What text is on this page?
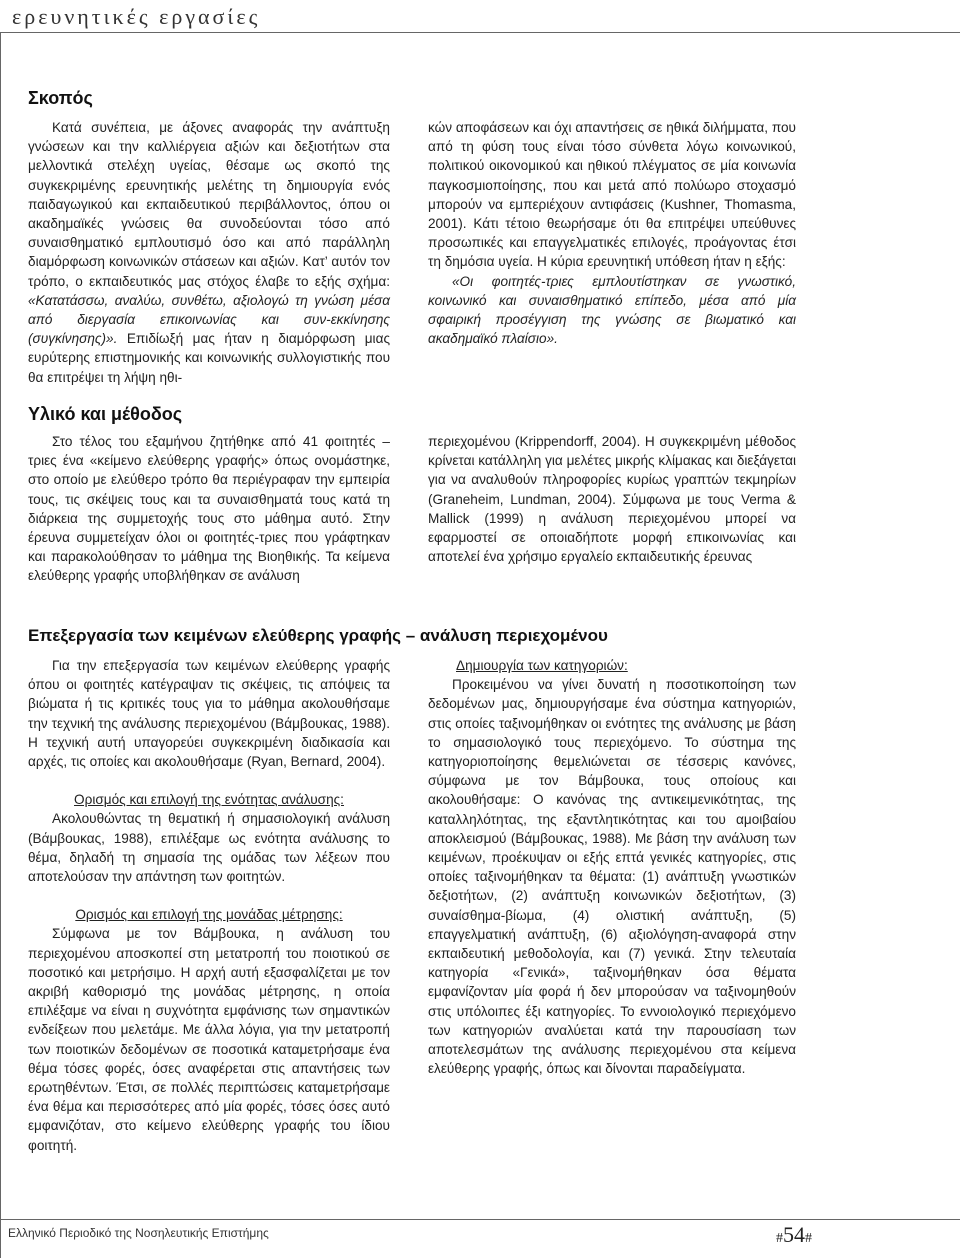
ερευνητικές εργασίες
Σκοπός

Κατά συνέπεια, με άξονες αναφοράς την ανάπτυξη γνώσεων και την καλλιέργεια αξιών και δεξιοτήτων στα μελλοντικά στελέχη υγείας, θέσαμε ως σκοπό της συγκεκριμένης ερευνητικής μελέτης τη δημιουργία ενός παιδαγωγικού και εκπαιδευτικού περιβάλλοντος, όπου οι ακαδημαϊκές γνώσεις θα συνοδεύονται τόσο από συναισθηματικό εμπλουτισμό όσο και από παράλληλη διαμόρφωση κοινωνικών στάσεων και αξιών. Κατ’ αυτόν τον τρόπο, ο εκπαιδευτικός μας στόχος έλαβε το εξής σχήμα: «Κατατάσσω, αναλύω, συνθέτω, αξιολογώ τη γνώση μέσα από διεργασία επικοινωνίας και συν-εκκίνησης (συγκίνησης)». Επιδίωξή μας ήταν η διαμόρφωση μιας ευρύτερης επιστημονικής και κοινωνικής συλλογιστικής που θα επιτρέψει τη λήψη ηθι-

κών αποφάσεων και όχι απαντήσεις σε ηθικά διλήμματα, που από τη φύση τους είναι τόσο σύνθετα λόγω κοινωνικού, πολιτικού οικονομικού και ηθικού πλέγματος σε μία κοινωνία παγκοσμιοποίησης, που και μετά από πολύωρο στοχασμό μπορούν να εμπεριέχουν αντιφάσεις (Kushner, Thomasma, 2001). Κάτι τέτοιο θεωρήσαμε ότι θα επιτρέψει υπεύθυνες προσωπικές και επαγγελματικές επιλογές, προάγοντας έτσι τη δημόσια υγεία. Η κύρια ερευνητική υπόθεση ήταν η εξής:

«Οι φοιτητές-τριες εμπλουτίστηκαν σε γνωστικό, κοινωνικό και συναισθηματικό επίπεδο, μέσα από μία σφαιρική προσέγγιση της γνώσης σε βιωματικό και ακαδημαϊκό πλαίσιο».

Υλικό και μέθοδος

Στο τέλος του εξαμήνου ζητήθηκε από 41 φοιτητές –τριες ένα «κείμενο ελεύθερης γραφής» όπως ονομάστηκε, στο οποίο με ελεύθερο τρόπο θα περιέγραφαν την εμπειρία τους, τις σκέψεις τους και τα συναισθηματά τους κατά τη διάρκεια της συμμετοχής τους στο μάθημα αυτό. Στην έρευνα συμμετείχαν όλοι οι φοιτητές-τριες που γράφτηκαν και παρακολούθησαν το μάθημα της Βιοηθικής. Τα κείμενα ελεύθερης γραφής υποβλήθηκαν σε ανάλυση

περιεχομένου (Krippendorff, 2004). Η συγκεκριμένη μέθοδος κρίνεται κατάλληλη για μελέτες μικρής κλίμακας και διεξάγεται για να αναλυθούν πληροφορίες κυρίως γραπτών τεκμηρίων (Graneheim, Lundman, 2004). Σύμφωνα με τους Verma & Mallick (1999) η ανάλυση περιεχομένου μπορεί να εφαρμοστεί σε οποιαδήποτε μορφή επικοινωνίας και αποτελεί ένα χρήσιμο εργαλείο εκπαιδευτικής έρευνας

Επεξεργασία των κειμένων ελεύθερης γραφής – ανάλυση περιεχομένου

Για την επεξεργασία των κειμένων ελεύθερης γραφής όπου οι φοιτητές κατέγραψαν τις σκέψεις, τις απόψεις τα βιώματα ή τις κριτικές τους για το μάθημα ακολουθήσαμε την τεχνική της ανάλυσης περιεχομένου (Βάμβουκας, 1988). Η τεχνική αυτή υπαγορεύει συγκεκριμένη διαδικασία και αρχές, τις οποίες και ακολουθήσαμε (Ryan, Bernard, 2004).

Ορισμός και επιλογή της ενότητας ανάλυσης:

Ακολουθώντας τη θεματική ή σημασιολογική ανάλυση (Βάμβουκας, 1988), επιλέξαμε ως ενότητα ανάλυσης το θέμα, δηλαδή τη σημασία της ομάδας των λέξεων που αποτελούσαν την απάντηση των φοιτητών.

Ορισμός και επιλογή της μονάδας μέτρησης:

Σύμφωνα με τον Βάμβουκα, η ανάλυση του περιεχομένου αποσκοπεί στη μετατροπή του ποιοτικού σε ποσοτικό και μετρήσιμο. Η αρχή αυτή εξασφαλίζεται με τον ακριβή καθορισμό της μονάδας μέτρησης, η οποία επιλέξαμε να είναι η συχνότητα εμφάνισης των σημαντικών ενδείξεων που μελετάμε. Με άλλα λόγια, για την μετατροπή των ποιοτικών δεδομένων σε ποσοτικά καταμετρήσαμε ένα θέμα τόσες φορές, όσες αναφέρεται στις απαντήσεις των ερωτηθέντων. Έτσι, σε πολλές περιπτώσεις καταμετρήσαμε ένα θέμα και περισσότερες από μία φορές, τόσες όσες αυτό εμφανιζόταν, στο κείμενο ελεύθερης γραφής του ίδιου φοιτητή.

Δημιουργία των κατηγοριών:

Προκειμένου να γίνει δυνατή η ποσοτικοποίηση των δεδομένων μας, δημιουργήσαμε ένα σύστημα κατηγοριών, στις οποίες ταξινομήθηκαν οι ενότητες της ανάλυσης με βάση το σημασιολογικό τους περιεχόμενο. Το σύστημα της κατηγοριοποίησης θεμελιώνεται σε τέσσερις κανόνες, σύμφωνα με τον Βάμβουκα, τους οποίους και ακολουθήσαμε: Ο κανόνας της αντικειμενικότητας, της καταλληλότητας, της εξαντλητικότητας και του αμοιβαίου αποκλεισμού (Βάμβουκας, 1988). Με βάση την ανάλυση των κειμένων, προέκυψαν οι εξής επτά γενικές κατηγορίες, στις οποίες ταξινομήθηκαν τα θέματα: (1) ανάπτυξη γνωστικών δεξιοτήτων, (2) ανάπτυξη κοινωνικών δεξιοτήτων, (3) συναίσθημα-βίωμα, (4) ολιστική ανάπτυξη, (5) επαγγελματική ανάπτυξη, (6) αξιολόγηση-αναφορά στην εκπαιδευτική μεθοδολογία, και (7) γενικά. Στην τελευταία κατηγορία «Γενικά», ταξινομήθηκαν όσα θέματα εμφανίζονταν μία φορά ή δεν μπορούσαν να ταξινομηθούν στις υπόλοιπες έξι κατηγορίες. Το εννοιολογικό περιεχόμενο των κατηγοριών αναλύεται κατά την παρουσίαση των αποτελεσμάτων της ανάλυσης περιεχομένου στα κείμενα ελεύθερης γραφής, όπως και δίνονται παραδείγματα.

Ελληνικό Περιοδικό της Νοσηλευτικής Επιστήμης	#54#
